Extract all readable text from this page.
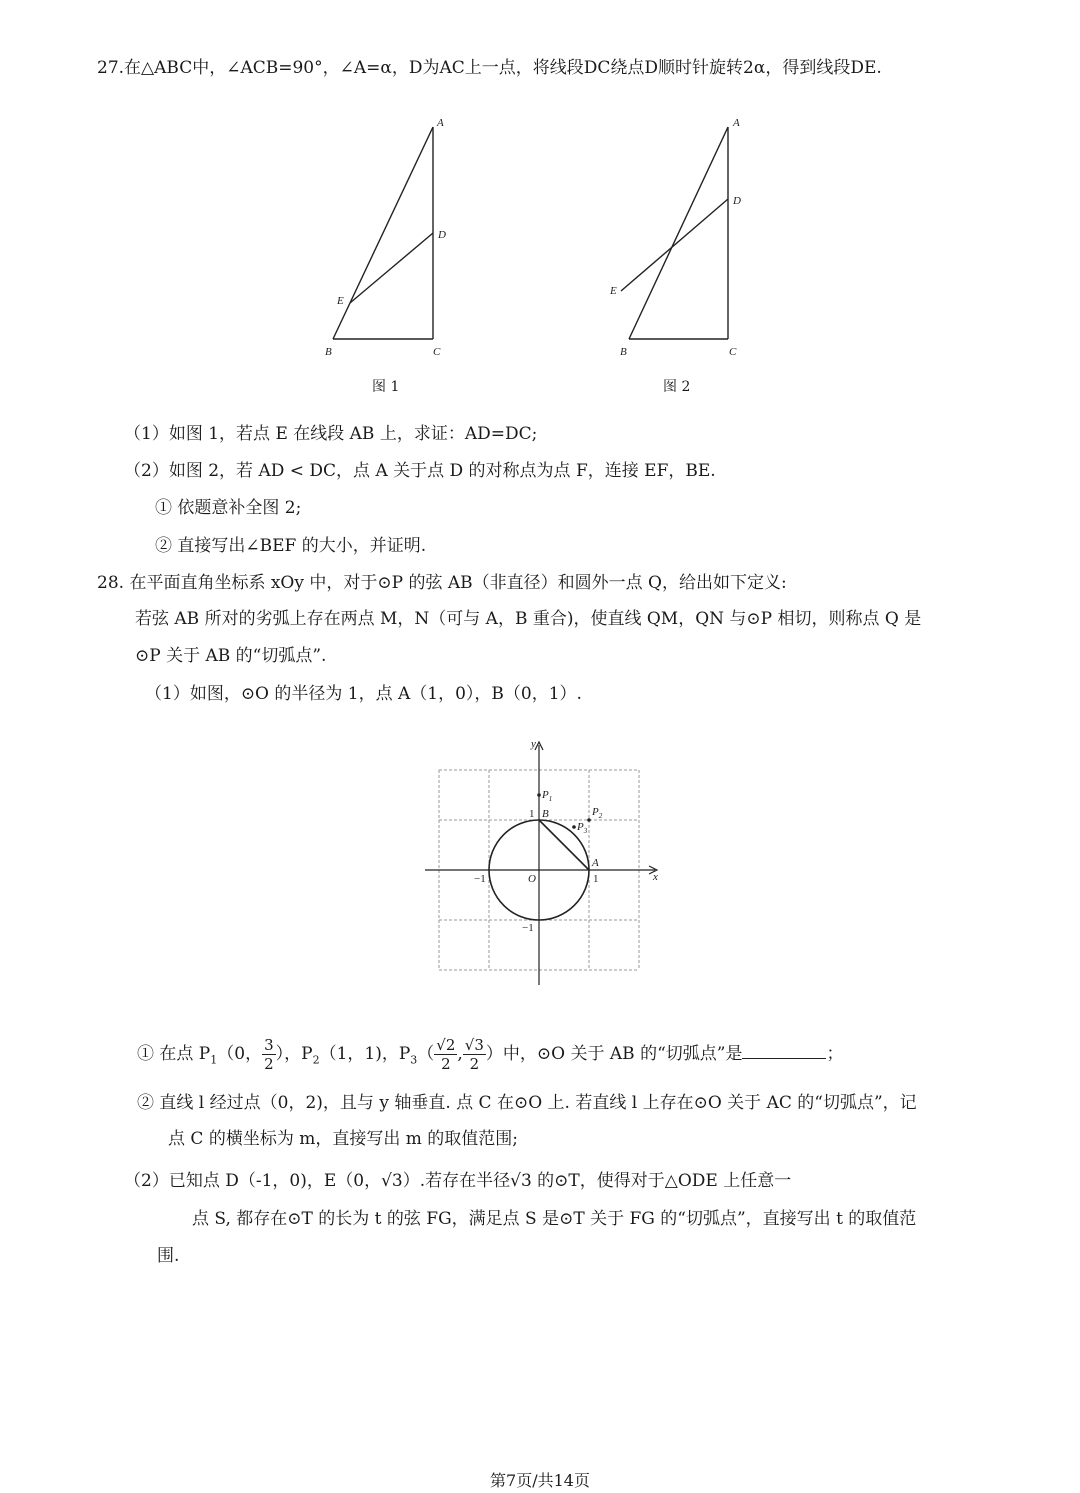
27.在△ABC中，∠ACB=90°，∠A=α，D为AC上一点，将线段DC绕点D顺时针旋转2α，得到线段DE.
A
D
E
B	C
图 1
A
D
E
B	C
图 2
（1）如图 1，若点 E 在线段 AB 上，求证：AD=DC;
（2）如图 2，若 AD < DC，点 A 关于点 D 的对称点为点 F，连接 EF，BE.
① 依题意补全图 2;
② 直接写出∠BEF 的大小，并证明.
28. 在平面直角坐标系 xOy 中，对于⊙P 的弦 AB（非直径）和圆外一点 Q，给出如下定义:
若弦 AB 所对的劣弧上存在两点 M，N（可与 A，B 重合)，使直线 QM，QN 与⊙P 相切，则称点 Q 是
⊙P 关于 AB 的“切弧点”.
（1）如图，⊙O 的半径为 1，点 A（1，0），B（0，1）.
y
x
O	1
−1
1
−1
A
B
$P_1$
$P_2$
$P_3$
① 在点 $P_1(0$， $\frac{3}{2}$ ），$P_2(1$，1)，$P_3( \frac{√2}{2}$ , $\frac{√3}{2}$ ）中，⊙O 关于 AB 的“切弧点”是	；
② 直线 l 经过点（0，2)，且与 y 轴垂直. 点 C 在⊙O 上. 若直线 l 上存在⊙O 关于 AC 的“切弧点”，记
点 C 的横坐标为 m，直接写出 m 的取值范围;
（2）已知点 D（-1，0)，E（0，√3）.若存在半径√3 的⊙T，使得对于△ODE 上任意一
点 S, 都存在⊙T 的长为 t 的弦 FG，满足点 S 是⊙T 关于 FG 的“切弧点”，直接写出 t 的取值范
围.
第7页/共14页
